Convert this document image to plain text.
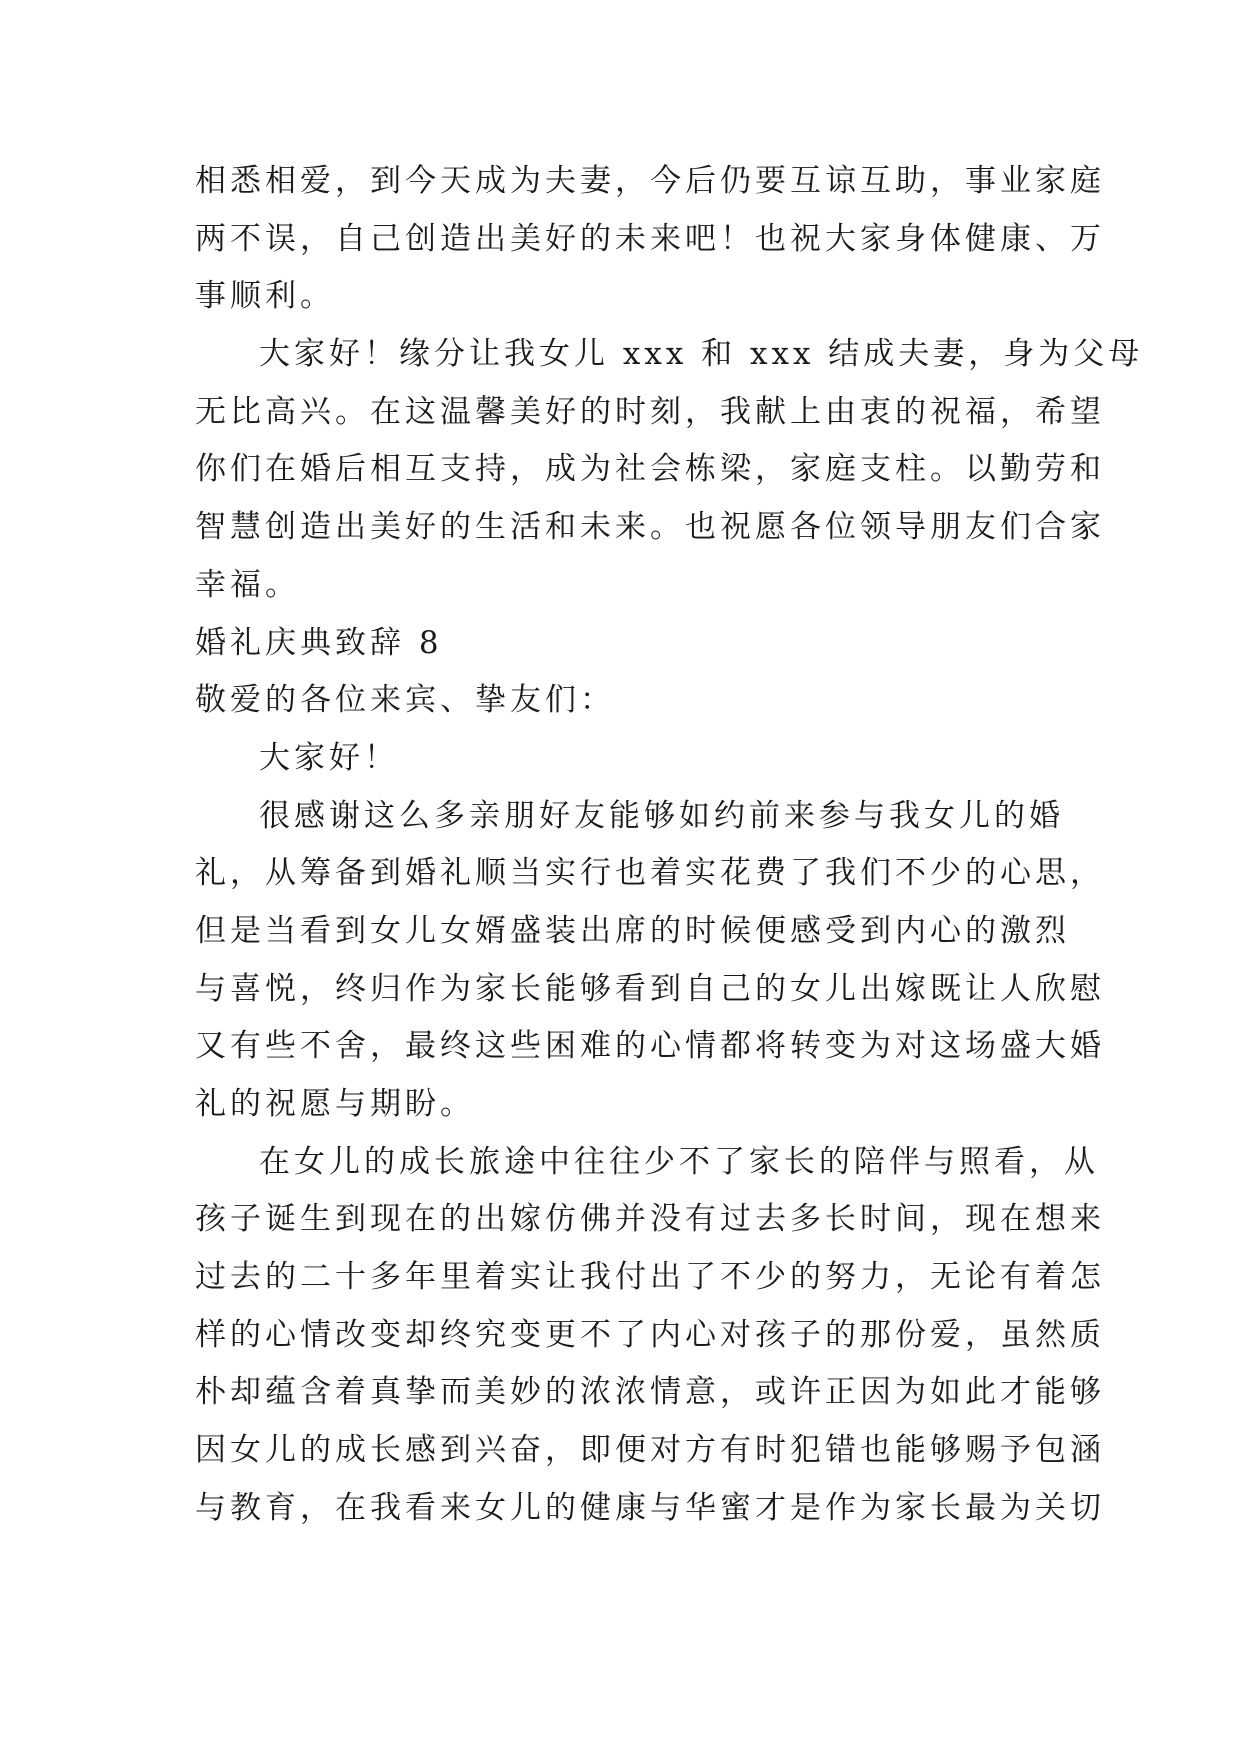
相悉相爱，到今天成为夫妻，今后仍要互谅互助，事业家庭
两不误，自己创造出美好的未来吧！也祝大家身体健康、万
事顺利。
大家好！缘分让我女儿 xxx 和 xxx 结成夫妻，身为父母
无比高兴。在这温馨美好的时刻，我献上由衷的祝福，希望
你们在婚后相互支持，成为社会栋梁，家庭支柱。以勤劳和
智慧创造出美好的生活和未来。也祝愿各位领导朋友们合家
幸福。
婚礼庆典致辞 8
敬爱的各位来宾、挚友们：
大家好！
很感谢这么多亲朋好友能够如约前来参与我女儿的婚
礼，从筹备到婚礼顺当实行也着实花费了我们不少的心思，
但是当看到女儿女婿盛装出席的时候便感受到内心的激烈
与喜悦，终归作为家长能够看到自己的女儿出嫁既让人欣慰
又有些不舍，最终这些困难的心情都将转变为对这场盛大婚
礼的祝愿与期盼。
在女儿的成长旅途中往往少不了家长的陪伴与照看，从
孩子诞生到现在的出嫁仿佛并没有过去多长时间，现在想来
过去的二十多年里着实让我付出了不少的努力，无论有着怎
样的心情改变却终究变更不了内心对孩子的那份爱，虽然质
朴却蕴含着真挚而美妙的浓浓情意，或许正因为如此才能够
因女儿的成长感到兴奋，即便对方有时犯错也能够赐予包涵
与教育，在我看来女儿的健康与华蜜才是作为家长最为关切
